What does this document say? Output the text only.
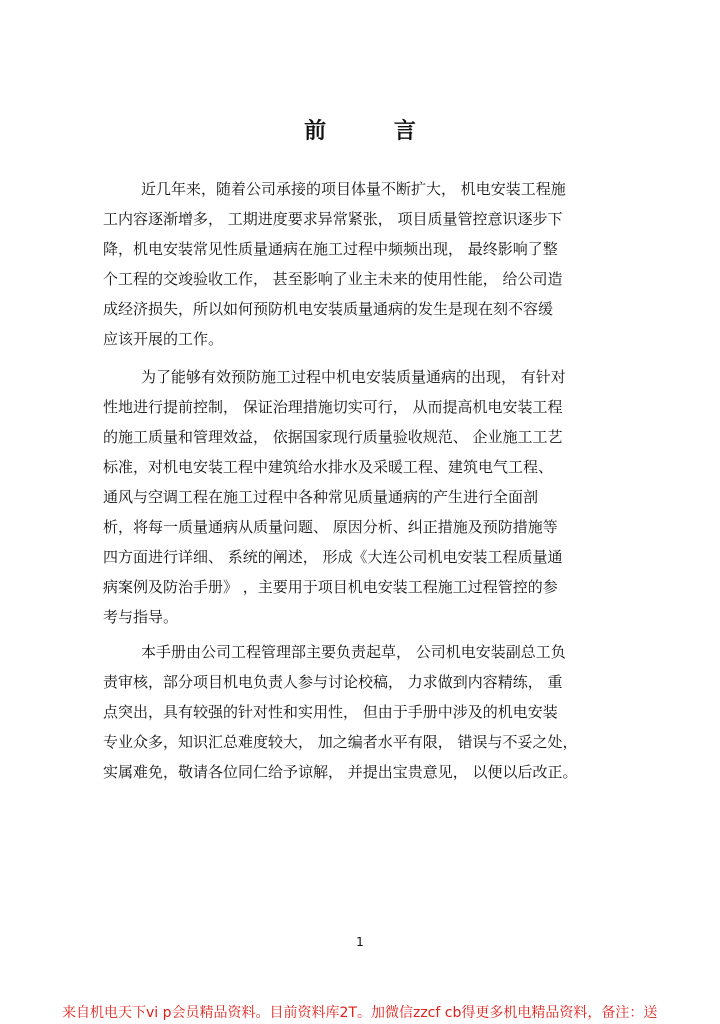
前 言
近几年来，随着公司承接的项目体量不断扩大， 机电安装工程施
工内容逐渐增多， 工期进度要求异常紧张， 项目质量管控意识逐步下
降，机电安装常见性质量通病在施工过程中频频出现， 最终影响了整
个工程的交竣验收工作， 甚至影响了业主未来的使用性能， 给公司造
成经济损失，所以如何预防机电安装质量通病的发生是现在刻不容缓
应该开展的工作。
为了能够有效预防施工过程中机电安装质量通病的出现， 有针对
性地进行提前控制， 保证治理措施切实可行， 从而提高机电安装工程
的施工质量和管理效益， 依据国家现行质量验收规范、 企业施工工艺
标准，对机电安装工程中建筑给水排水及采暖工程、建筑电气工程、
通风与空调工程在施工过程中各种常见质量通病的产生进行全面剖
析，将每一质量通病从质量问题、 原因分析、纠正措施及预防措施等
四方面进行详细、 系统的阐述， 形成《大连公司机电安装工程质量通
病案例及防治手册》 ，主要用于项目机电安装工程施工过程管控的参
考与指导。
本手册由公司工程管理部主要负责起草， 公司机电安装副总工负
责审核，部分项目机电负责人参与讨论校稿， 力求做到内容精练， 重
点突出，具有较强的针对性和实用性， 但由于手册中涉及的机电安装
专业众多，知识汇总难度较大， 加之编者水平有限， 错误与不妥之处，
实属难免，敬请各位同仁给予谅解， 并提出宝贵意见， 以便以后改正。
1
来自机电天下vi p会员精品资料。目前资料库2T。加微信zzcf cb得更多机电精品资料，备注：送
